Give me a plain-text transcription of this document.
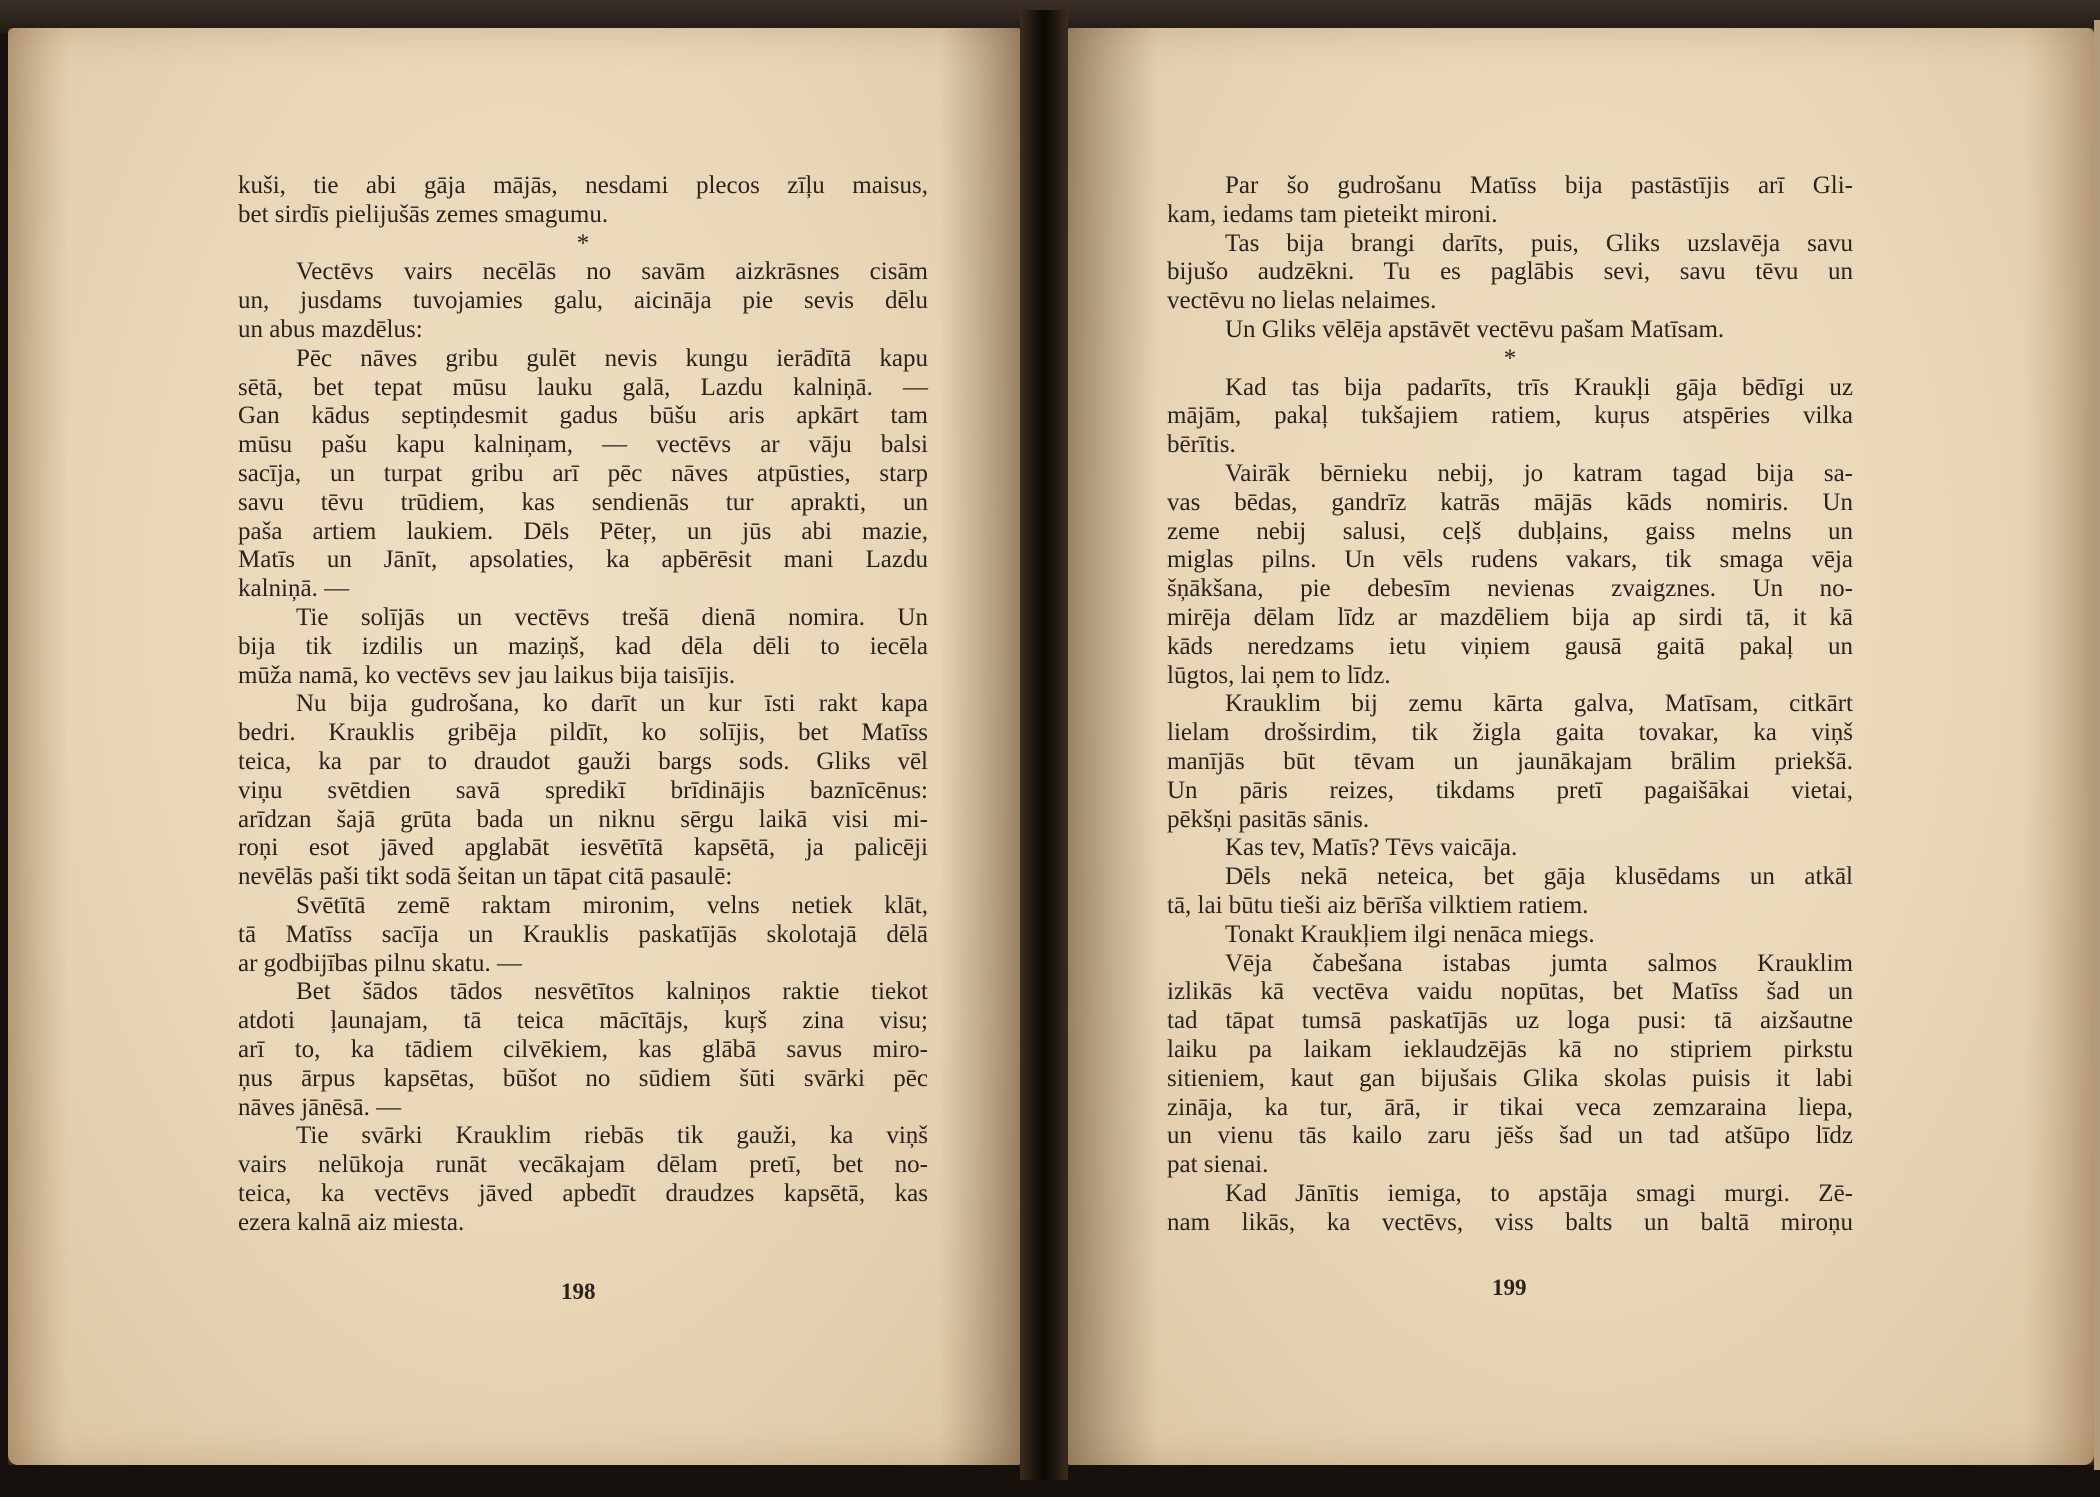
kuši, tie abi gāja mājās, nesdami plecos zīļu maisus,
bet sirdīs pielijušās zemes smagumu.
*
Vectēvs vairs necēlās no savām aizkrāsnes cisām
un, jusdams tuvojamies galu, aicināja pie sevis dēlu
un abus mazdēlus:
Pēc nāves gribu gulēt nevis kungu ierādītā kapu
sētā, bet tepat mūsu lauku galā, Lazdu kalniņā. —
Gan kādus septiņdesmit gadus būšu aris apkārt tam
mūsu pašu kapu kalniņam, — vectēvs ar vāju balsi
sacīja, un turpat gribu arī pēc nāves atpūsties, starp
savu tēvu trūdiem, kas sendienās tur aprakti, un
paša artiem laukiem. Dēls Pēteŗ, un jūs abi mazie,
Matīs un Jānīt, apsolaties, ka apbērēsit mani Lazdu
kalniņā. —
Tie solījās un vectēvs trešā dienā nomira. Un
bija tik izdilis un maziņš, kad dēla dēli to iecēla
mūža namā, ko vectēvs sev jau laikus bija taisījis.
Nu bija gudrošana, ko darīt un kur īsti rakt kapa
bedri. Krauklis gribēja pildīt, ko solījis, bet Matīss
teica, ka par to draudot gauži bargs sods. Gliks vēl
viņu svētdien savā spredikī brīdinājis baznīcēnus:
arīdzan šajā grūta bada un niknu sērgu laikā visi mi-
roņi esot jāved apglabāt iesvētītā kapsētā, ja palicēji
nevēlās paši tikt sodā šeitan un tāpat citā pasaulē:
Svētītā zemē raktam mironim, velns netiek klāt,
tā Matīss sacīja un Krauklis paskatījās skolotajā dēlā
ar godbijības pilnu skatu. —
Bet šādos tādos nesvētītos kalniņos raktie tiekot
atdoti ļaunajam, tā teica mācītājs, kuŗš zina visu;
arī to, ka tādiem cilvēkiem, kas glābā savus miro-
ņus ārpus kapsētas, būšot no sūdiem šūti svārki pēc
nāves jānēsā. —
Tie svārki Krauklim riebās tik gauži, ka viņš
vairs nelūkoja runāt vecākajam dēlam pretī, bet no-
teica, ka vectēvs jāved apbedīt draudzes kapsētā, kas
ezera kalnā aiz miesta.
198
Par šo gudrošanu Matīss bija pastāstījis arī Gli-
kam, iedams tam pieteikt mironi.
Tas bija brangi darīts, puis, Gliks uzslavēja savu
bijušo audzēkni. Tu es paglābis sevi, savu tēvu un
vectēvu no lielas nelaimes.
Un Gliks vēlēja apstāvēt vectēvu pašam Matīsam.
*
Kad tas bija padarīts, trīs Kraukļi gāja bēdīgi uz
mājām, pakaļ tukšajiem ratiem, kuŗus atspēries vilka
bērītis.
Vairāk bērnieku nebij, jo katram tagad bija sa-
vas bēdas, gandrīz katrās mājās kāds nomiris. Un
zeme nebij salusi, ceļš dubļains, gaiss melns un
miglas pilns. Un vēls rudens vakars, tik smaga vēja
šņākšana, pie debesīm nevienas zvaigznes. Un no-
mirēja dēlam līdz ar mazdēliem bija ap sirdi tā, it kā
kāds neredzams ietu viņiem gausā gaitā pakaļ un
lūgtos, lai ņem to līdz.
Krauklim bij zemu kārta galva, Matīsam, citkārt
lielam drošsirdim, tik žigla gaita tovakar, ka viņš
manījās būt tēvam un jaunākajam brālim priekšā.
Un pāris reizes, tikdams pretī pagaišākai vietai,
pēkšņi pasitās sānis.
Kas tev, Matīs? Tēvs vaicāja.
Dēls nekā neteica, bet gāja klusēdams un atkāl
tā, lai būtu tieši aiz bērīša vilktiem ratiem.
Tonakt Kraukļiem ilgi nenāca miegs.
Vēja čabešana istabas jumta salmos Krauklim
izlikās kā vectēva vaidu nopūtas, bet Matīss šad un
tad tāpat tumsā paskatījās uz loga pusi: tā aizšautne
laiku pa laikam ieklaudzējās kā no stipriem pirkstu
sitieniem, kaut gan bijušais Glika skolas puisis it labi
zināja, ka tur, ārā, ir tikai veca zemzaraina liepa,
un vienu tās kailo zaru jēšs šad un tad atšūpo līdz
pat sienai.
Kad Jānītis iemiga, to apstāja smagi murgi. Zē-
nam likās, ka vectēvs, viss balts un baltā miroņu
199
